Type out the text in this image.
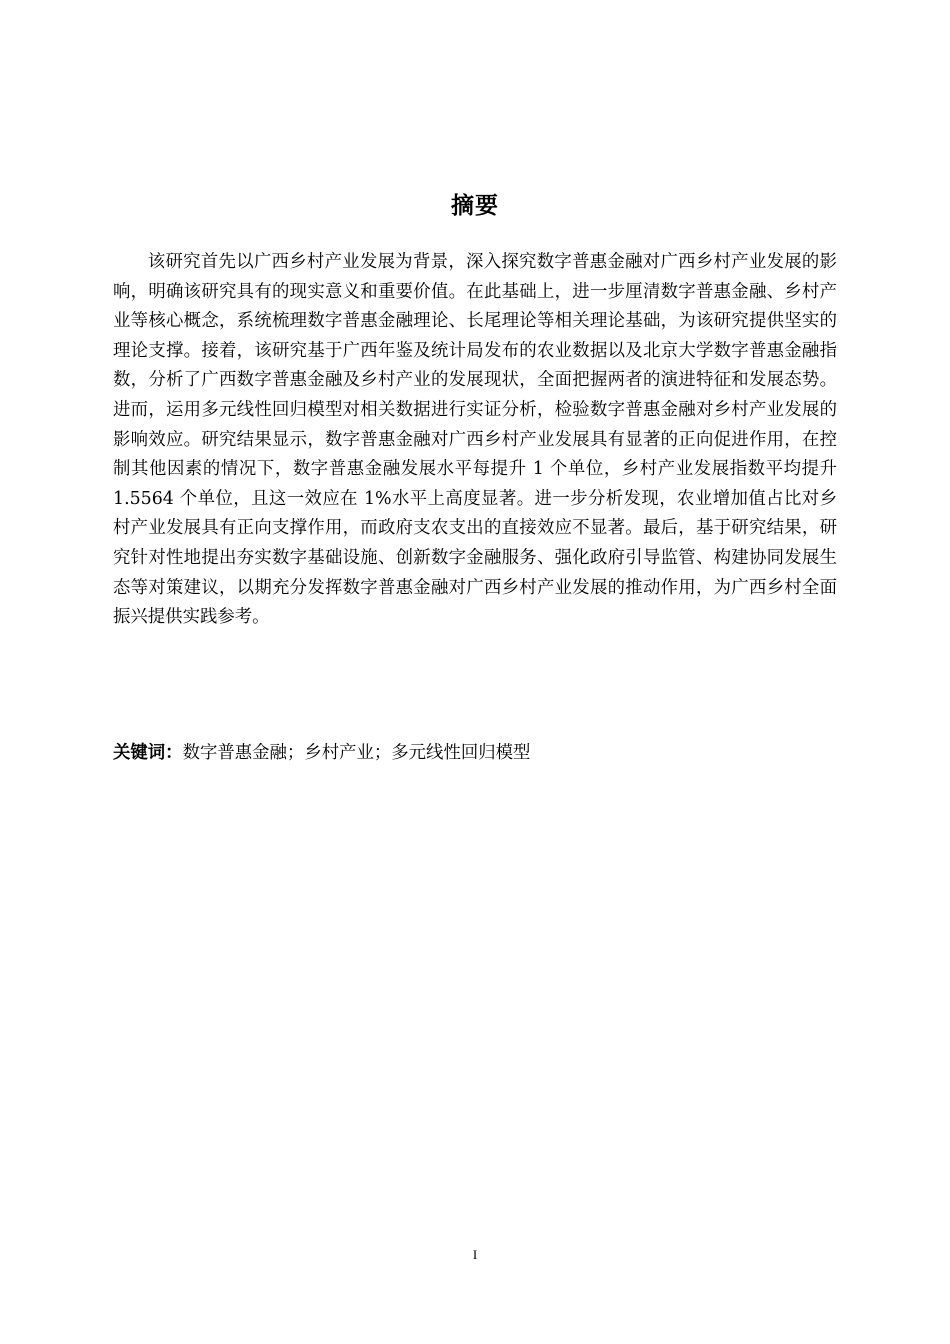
摘要

该研究首先以广西乡村产业发展为背景，深入探究数字普惠金融对广西乡村产业发展的影响，明确该研究具有的现实意义和重要价值。在此基础上，进一步厘清数字普惠金融、乡村产业等核心概念，系统梳理数字普惠金融理论、长尾理论等相关理论基础，为该研究提供坚实的理论支撑。接着，该研究基于广西年鉴及统计局发布的农业数据以及北京大学数字普惠金融指数，分析了广西数字普惠金融及乡村产业的发展现状，全面把握两者的演进特征和发展态势。进而，运用多元线性回归模型对相关数据进行实证分析，检验数字普惠金融对乡村产业发展的影响效应。研究结果显示，数字普惠金融对广西乡村产业发展具有显著的正向促进作用，在控制其他因素的情况下，数字普惠金融发展水平每提升 1 个单位，乡村产业发展指数平均提升 1.5564 个单位，且这一效应在 1%水平上高度显著。进一步分析发现，农业增加值占比对乡村产业发展具有正向支撑作用，而政府支农支出的直接效应不显著。最后，基于研究结果，研究针对性地提出夯实数字基础设施、创新数字金融服务、强化政府引导监管、构建协同发展生态等对策建议，以期充分发挥数字普惠金融对广西乡村产业发展的推动作用，为广西乡村全面振兴提供实践参考。

关键词：数字普惠金融；乡村产业；多元线性回归模型
I
